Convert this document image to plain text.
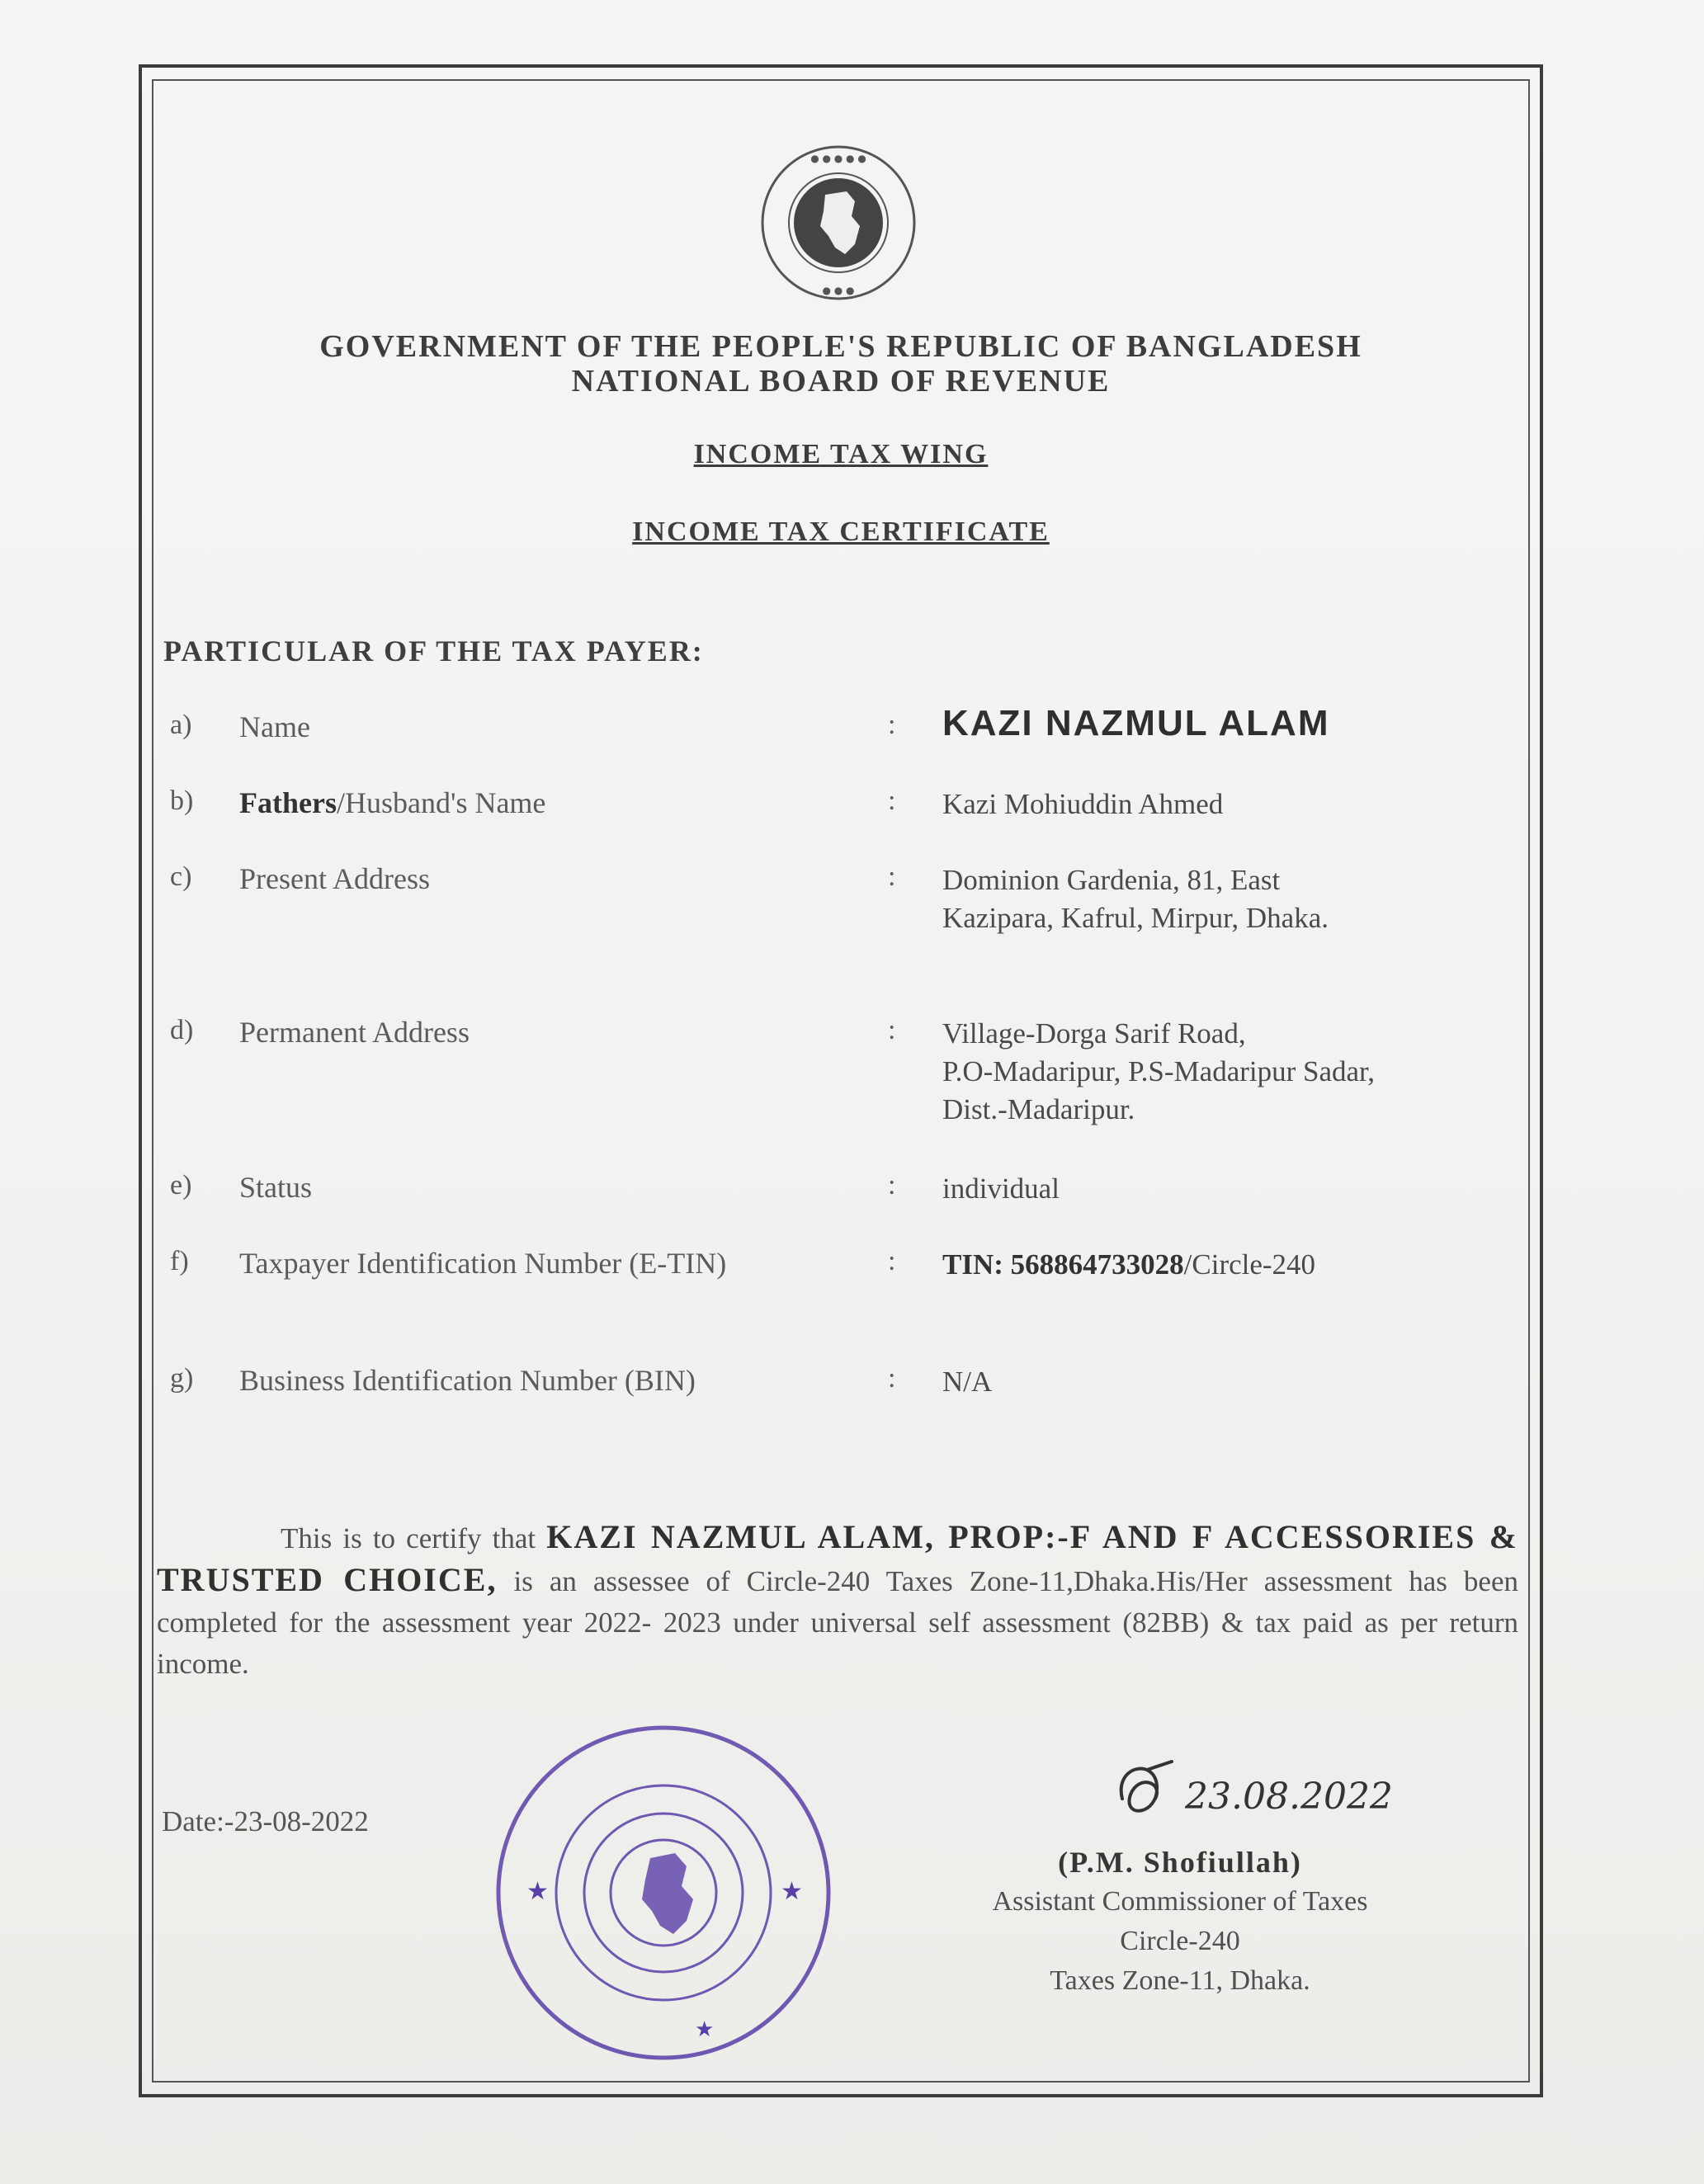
● ● ● ● ●
● ● ●
GOVERNMENT OF THE PEOPLE'S REPUBLIC OF BANGLADESH
NATIONAL BOARD OF REVENUE
INCOME TAX WING
INCOME TAX CERTIFICATE
PARTICULAR OF THE TAX PAYER:
a) Name	: KAZI NAZMUL ALAM
b) Fathers/Husband's Name	: Kazi Mohiuddin Ahmed
c) Present Address	: Dominion Gardenia, 81, East
Kazipara, Kafrul, Mirpur, Dhaka.
d) Permanent Address	: Village-Dorga Sarif Road,
P.O-Madaripur, P.S-Madaripur Sadar,
Dist.-Madaripur.
e) Status	: individual
f) Taxpayer Identification Number (E-TIN)	: TIN: 568864733028/Circle-240
g) Business Identification Number (BIN)	: N/A
This is to certify that KAZI NAZMUL ALAM, PROP:-F AND F ACCESSORIES & TRUSTED CHOICE, is an assessee of Circle-240 Taxes Zone-11,Dhaka.His/Her assessment has been completed for the assessment year 2022- 2023 under universal self assessment (82BB) & tax paid as per return income.
Date:-23-08-2022
★	★
★
23.08.2022
(P.M. Shofiullah)
Assistant Commissioner of Taxes
Circle-240
Taxes Zone-11, Dhaka.
